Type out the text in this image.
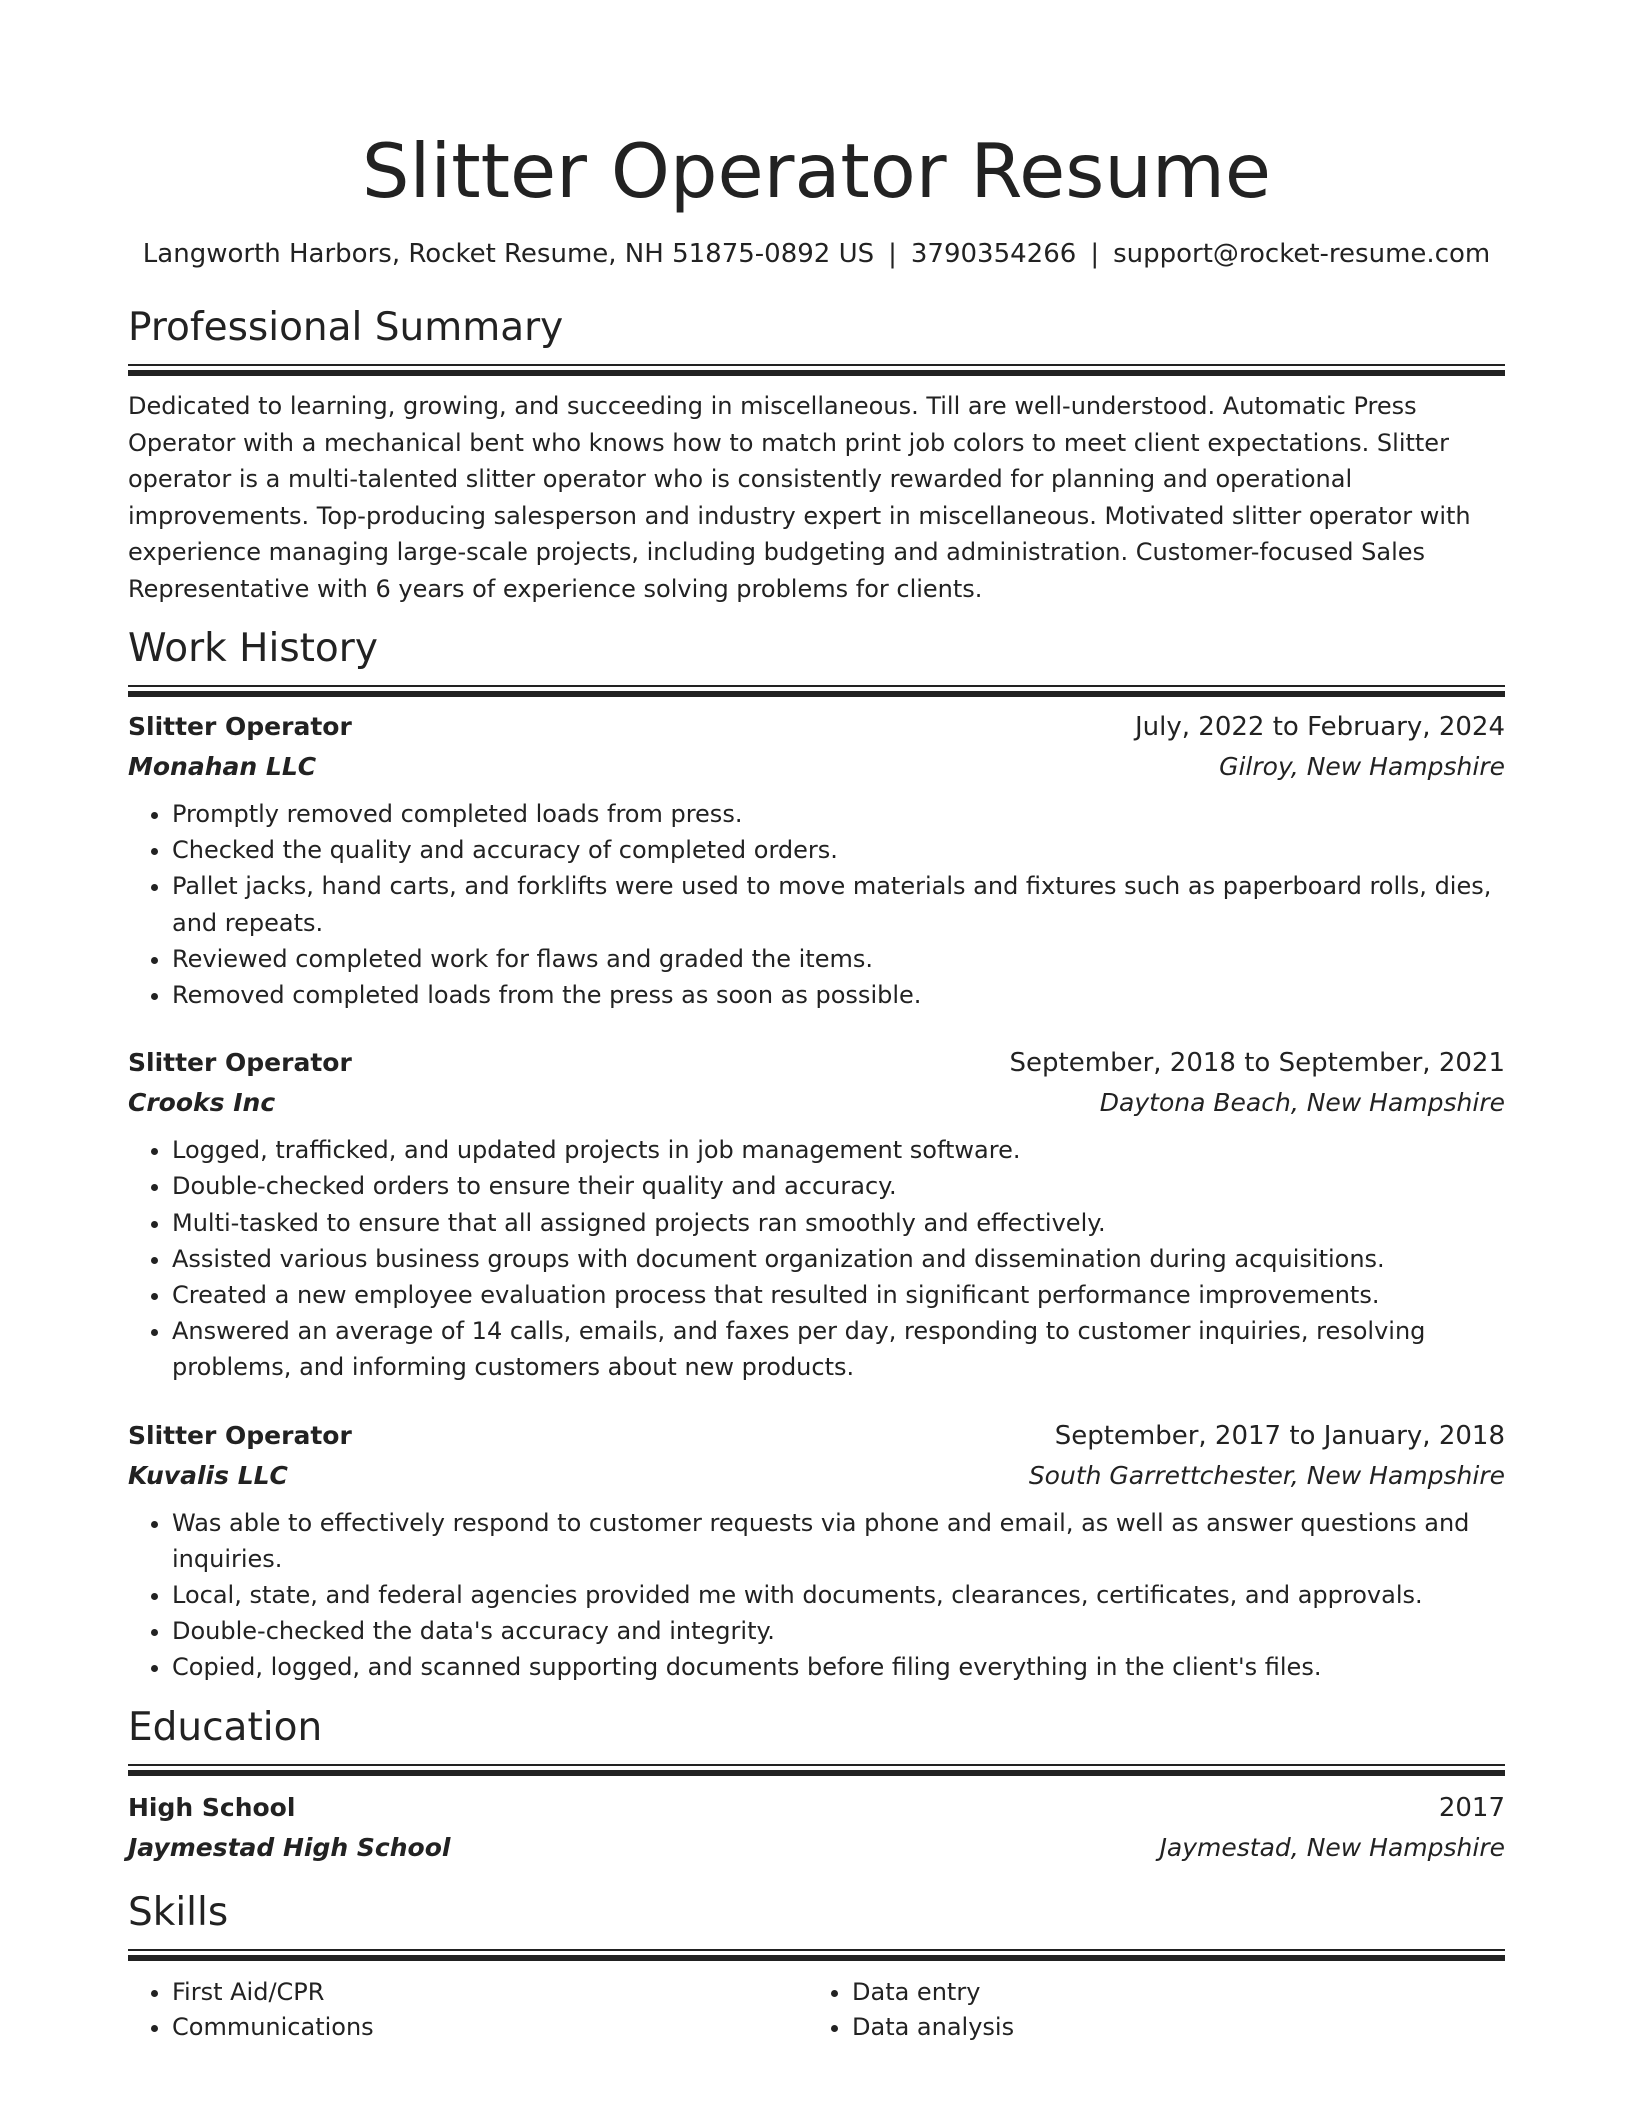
Slitter Operator Resume
Langworth Harbors, Rocket Resume, NH 51875-0892 US | 3790354266 | support@rocket-resume.com
Professional Summary
Dedicated to learning, growing, and succeeding in miscellaneous. Till are well-understood. Automatic Press Operator with a mechanical bent who knows how to match print job colors to meet client expectations. Slitter operator is a multi-talented slitter operator who is consistently rewarded for planning and operational improvements. Top-producing salesperson and industry expert in miscellaneous. Motivated slitter operator with experience managing large-scale projects, including budgeting and administration. Customer-focused Sales Representative with 6 years of experience solving problems for clients.
Work History
Slitter Operator	July, 2022 to February, 2024
Monahan LLC	Gilroy, New Hampshire
• Promptly removed completed loads from press.
• Checked the quality and accuracy of completed orders.
• Pallet jacks, hand carts, and forklifts were used to move materials and fixtures such as paperboard rolls, dies, and repeats.
• Reviewed completed work for flaws and graded the items.
• Removed completed loads from the press as soon as possible.
Slitter Operator	September, 2018 to September, 2021
Crooks Inc	Daytona Beach, New Hampshire
• Logged, trafficked, and updated projects in job management software.
• Double-checked orders to ensure their quality and accuracy.
• Multi-tasked to ensure that all assigned projects ran smoothly and effectively.
• Assisted various business groups with document organization and dissemination during acquisitions.
• Created a new employee evaluation process that resulted in significant performance improvements.
• Answered an average of 14 calls, emails, and faxes per day, responding to customer inquiries, resolving problems, and informing customers about new products.
Slitter Operator	September, 2017 to January, 2018
Kuvalis LLC	South Garrettchester, New Hampshire
• Was able to effectively respond to customer requests via phone and email, as well as answer questions and inquiries.
• Local, state, and federal agencies provided me with documents, clearances, certificates, and approvals.
• Double-checked the data's accuracy and integrity.
• Copied, logged, and scanned supporting documents before filing everything in the client's files.
Education
High School	2017
Jaymestad High School	Jaymestad, New Hampshire
Skills
• First Aid/CPR
• Communications
• Data entry
• Data analysis
